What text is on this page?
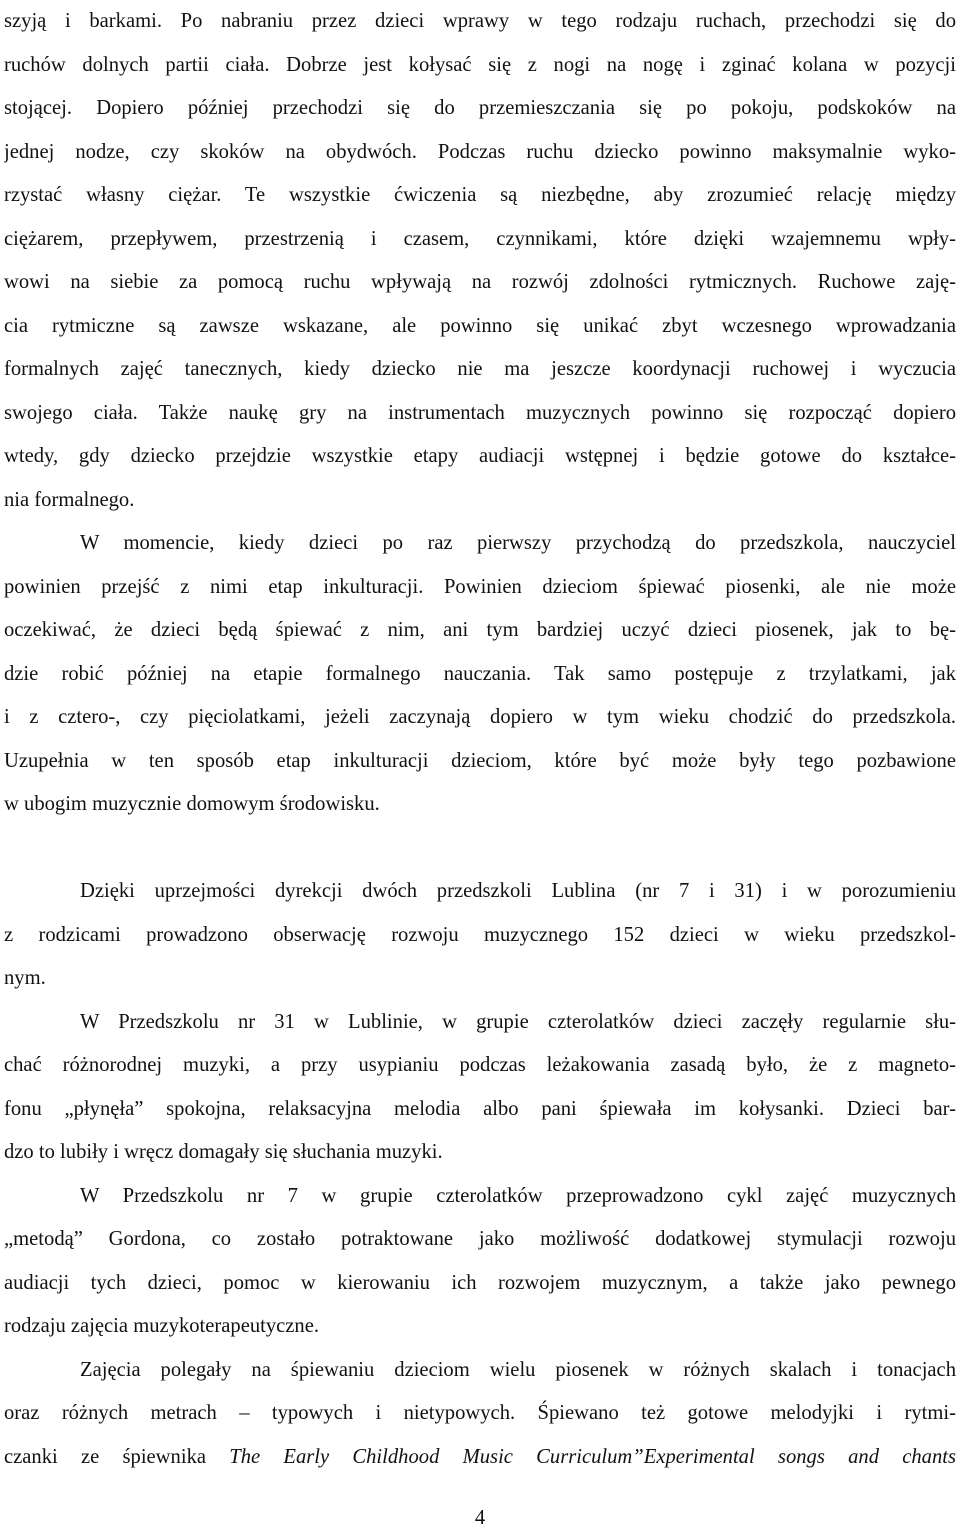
szyją i barkami. Po nabraniu przez dzieci wprawy w tego rodzaju ruchach, przechodzi się do
ruchów dolnych partii ciała. Dobrze jest kołysać się z nogi na nogę i zginać kolana w pozycji
stojącej. Dopiero później przechodzi się do przemieszczania się po pokoju, podskoków na
jednej nodze, czy skoków na obydwóch. Podczas ruchu dziecko powinno maksymalnie wyko-
rzystać własny ciężar. Te wszystkie ćwiczenia są niezbędne, aby zrozumieć relację między
ciężarem, przepływem, przestrzenią i czasem, czynnikami, które dzięki wzajemnemu wpły-
wowi na siebie za pomocą ruchu wpływają na rozwój zdolności rytmicznych. Ruchowe zaję-
cia rytmiczne są zawsze wskazane, ale powinno się unikać zbyt wczesnego wprowadzania
formalnych zajęć tanecznych, kiedy dziecko nie ma jeszcze koordynacji ruchowej i wyczucia
swojego ciała. Także naukę gry na instrumentach muzycznych powinno się rozpocząć dopiero
wtedy, gdy dziecko przejdzie wszystkie etapy audiacji wstępnej i będzie gotowe do kształce-
nia formalnego.
W momencie, kiedy dzieci po raz pierwszy przychodzą do przedszkola, nauczyciel
powinien przejść z nimi etap inkulturacji. Powinien dzieciom śpiewać piosenki, ale nie może
oczekiwać, że dzieci będą śpiewać z nim, ani tym bardziej uczyć dzieci piosenek, jak to bę-
dzie robić później na etapie formalnego nauczania. Tak samo postępuje z trzylatkami, jak
i z cztero-, czy pięciolatkami, jeżeli zaczynają dopiero w tym wieku chodzić do przedszkola.
Uzupełnia w ten sposób etap inkulturacji dzieciom, które być może były tego pozbawione
w ubogim muzycznie domowym środowisku.
Dzięki uprzejmości dyrekcji dwóch przedszkoli Lublina (nr 7 i 31) i w porozumieniu
z rodzicami prowadzono obserwację rozwoju muzycznego 152 dzieci w wieku przedszkol-
nym.
W Przedszkolu nr 31 w Lublinie, w grupie czterolatków dzieci zaczęły regularnie słu-
chać różnorodnej muzyki, a przy usypianiu podczas leżakowania zasadą było, że z magneto-
fonu „płynęła” spokojna, relaksacyjna melodia albo pani śpiewała im kołysanki. Dzieci bar-
dzo to lubiły i wręcz domagały się słuchania muzyki.
W Przedszkolu nr 7 w grupie czterolatków przeprowadzono cykl zajęć muzycznych
„metodą” Gordona, co zostało potraktowane jako możliwość dodatkowej stymulacji rozwoju
audiacji tych dzieci, pomoc w kierowaniu ich rozwojem muzycznym, a także jako pewnego
rodzaju zajęcia muzykoterapeutyczne.
Zajęcia polegały na śpiewaniu dzieciom wielu piosenek w różnych skalach i tonacjach
oraz różnych metrach – typowych i nietypowych. Śpiewano też gotowe melodyjki i rytmi-
czanki ze śpiewnika The Early Childhood Music Curriculum”Experimental songs and chants
4
